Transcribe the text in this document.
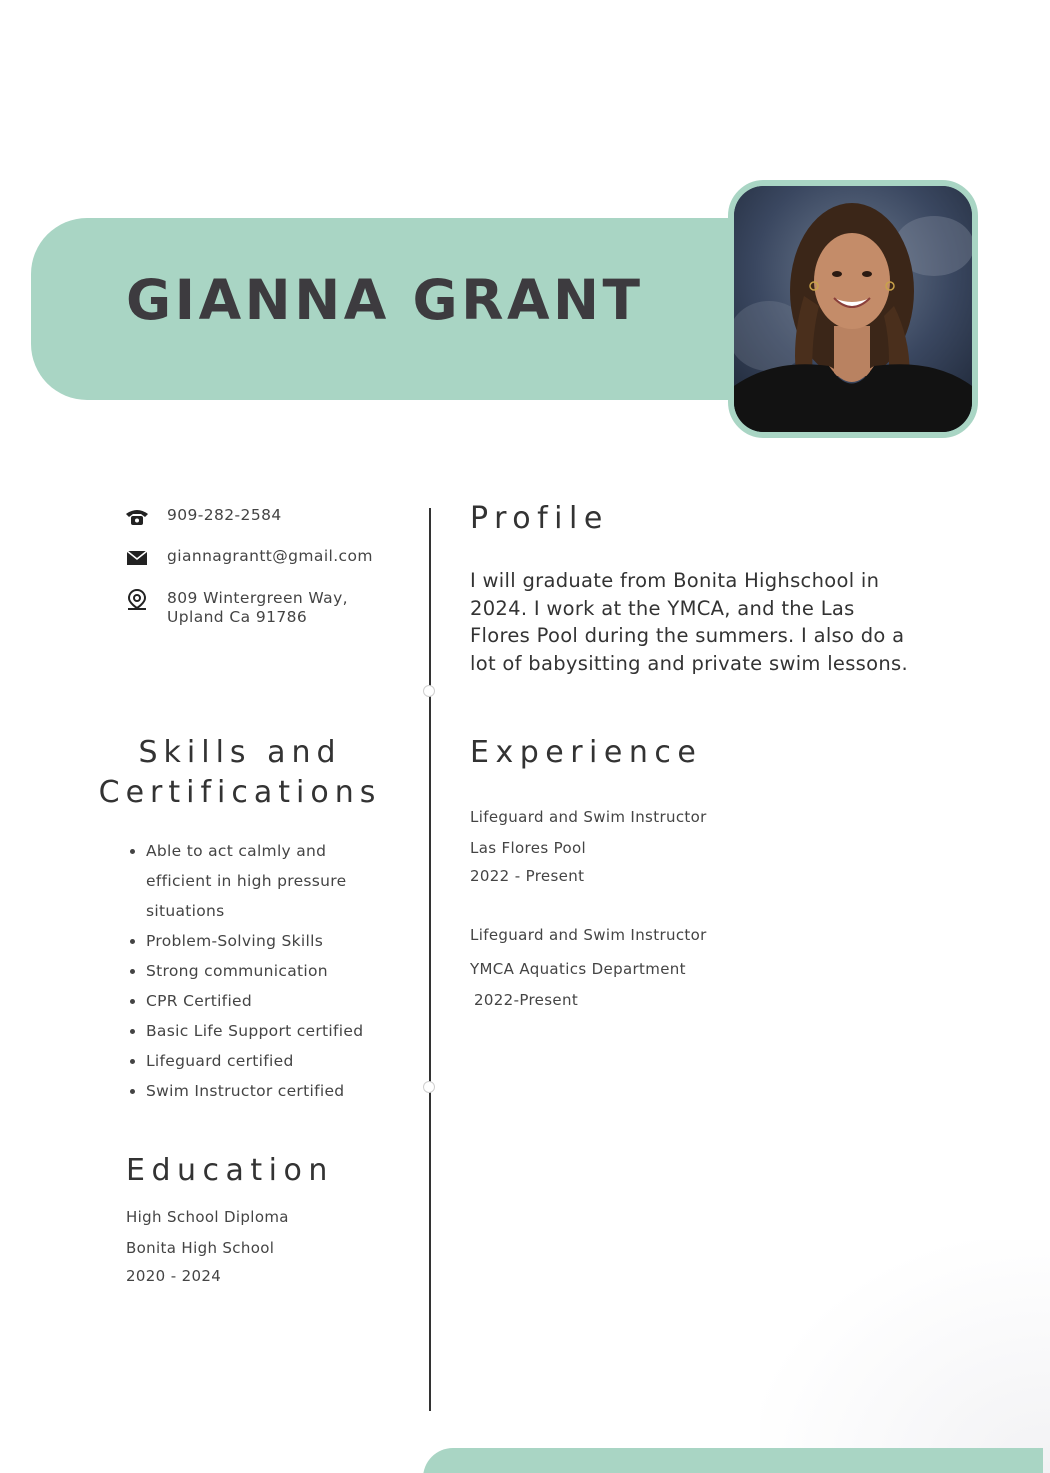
GIANNA GRANT
909-282-2584
giannagrantt@gmail.com
809 Wintergreen Way,
Upland Ca 91786
Skills and
Certifications
• Able to act calmly and efficient in high pressure situations
• Problem-Solving Skills
• Strong communication
• CPR Certified
• Basic Life Support certified
• Lifeguard certified
• Swim Instructor certified
Education

High School Diploma

Bonita High School

2020 - 2024

Profile

I will graduate from Bonita Highschool in 2024. I work at the YMCA, and the Las Flores Pool during the summers. I also do a lot of babysitting and private swim lessons.

Experience

Lifeguard and Swim Instructor

Las Flores Pool

2022 - Present

Lifeguard and Swim Instructor

YMCA Aquatics Department

2022-Present
